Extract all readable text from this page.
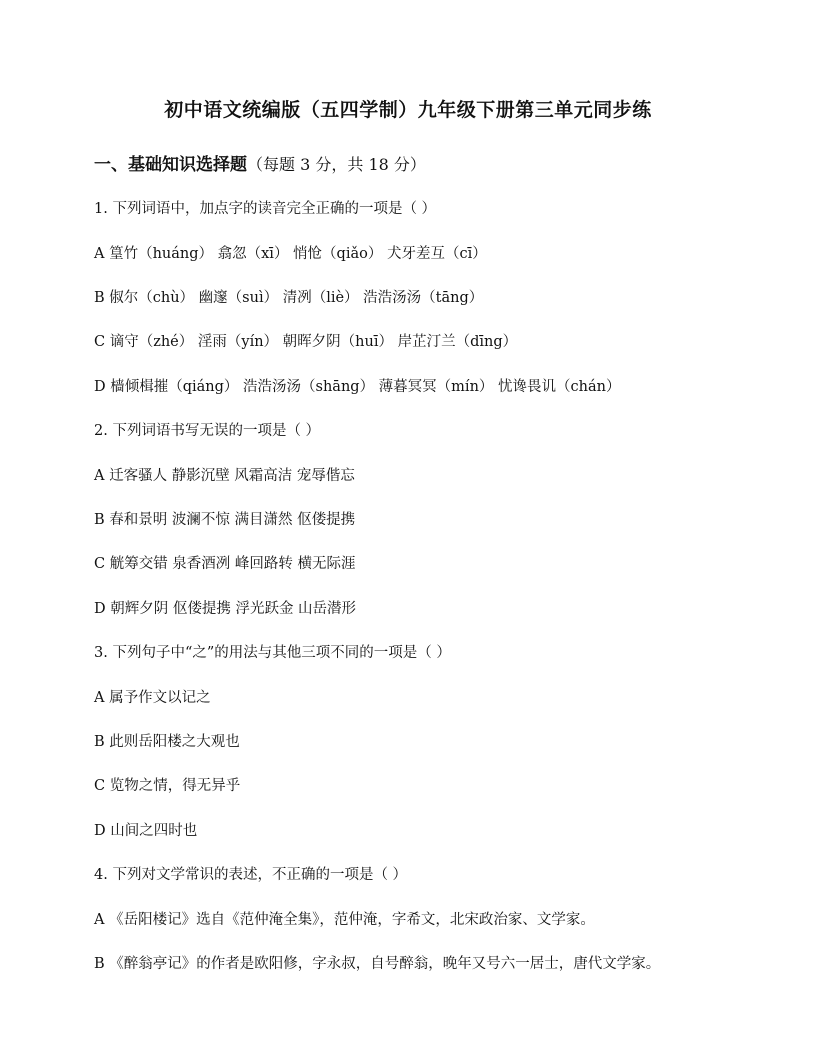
初中语文统编版（五四学制）九年级下册第三单元同步练
一、基础知识选择题（每题 3 分，共 18 分）
1. 下列词语中，加点字的读音完全正确的一项是（ ）
A 篁竹（huáng） 翕忽（xī） 悄怆（qiǎo） 犬牙差互（cī）
B 俶尔（chù） 幽邃（suì） 清冽（liè） 浩浩汤汤（tāng）
C 谪守（zhé） 淫雨（yín） 朝晖夕阴（huī） 岸芷汀兰（dīng）
D 樯倾楫摧（qiáng） 浩浩汤汤（shāng） 薄暮冥冥（mín） 忧谗畏讥（chán）
2. 下列词语书写无误的一项是（ ）
A 迁客骚人 静影沉壁 风霜高洁 宠辱偕忘
B 春和景明 波澜不惊 满目潇然 伛偻提携
C 觥筹交错 泉香酒冽 峰回路转 横无际涯
D 朝辉夕阴 伛偻提携 浮光跃金 山岳潜形
3. 下列句子中“之”的用法与其他三项不同的一项是（ ）
A 属予作文以记之
B 此则岳阳楼之大观也
C 览物之情，得无异乎
D 山间之四时也
4. 下列对文学常识的表述，不正确的一项是（ ）
A 《岳阳楼记》选自《范仲淹全集》，范仲淹，字希文，北宋政治家、文学家。
B 《醉翁亭记》的作者是欧阳修，字永叔，自号醉翁，晚年又号六一居士，唐代文学家。
